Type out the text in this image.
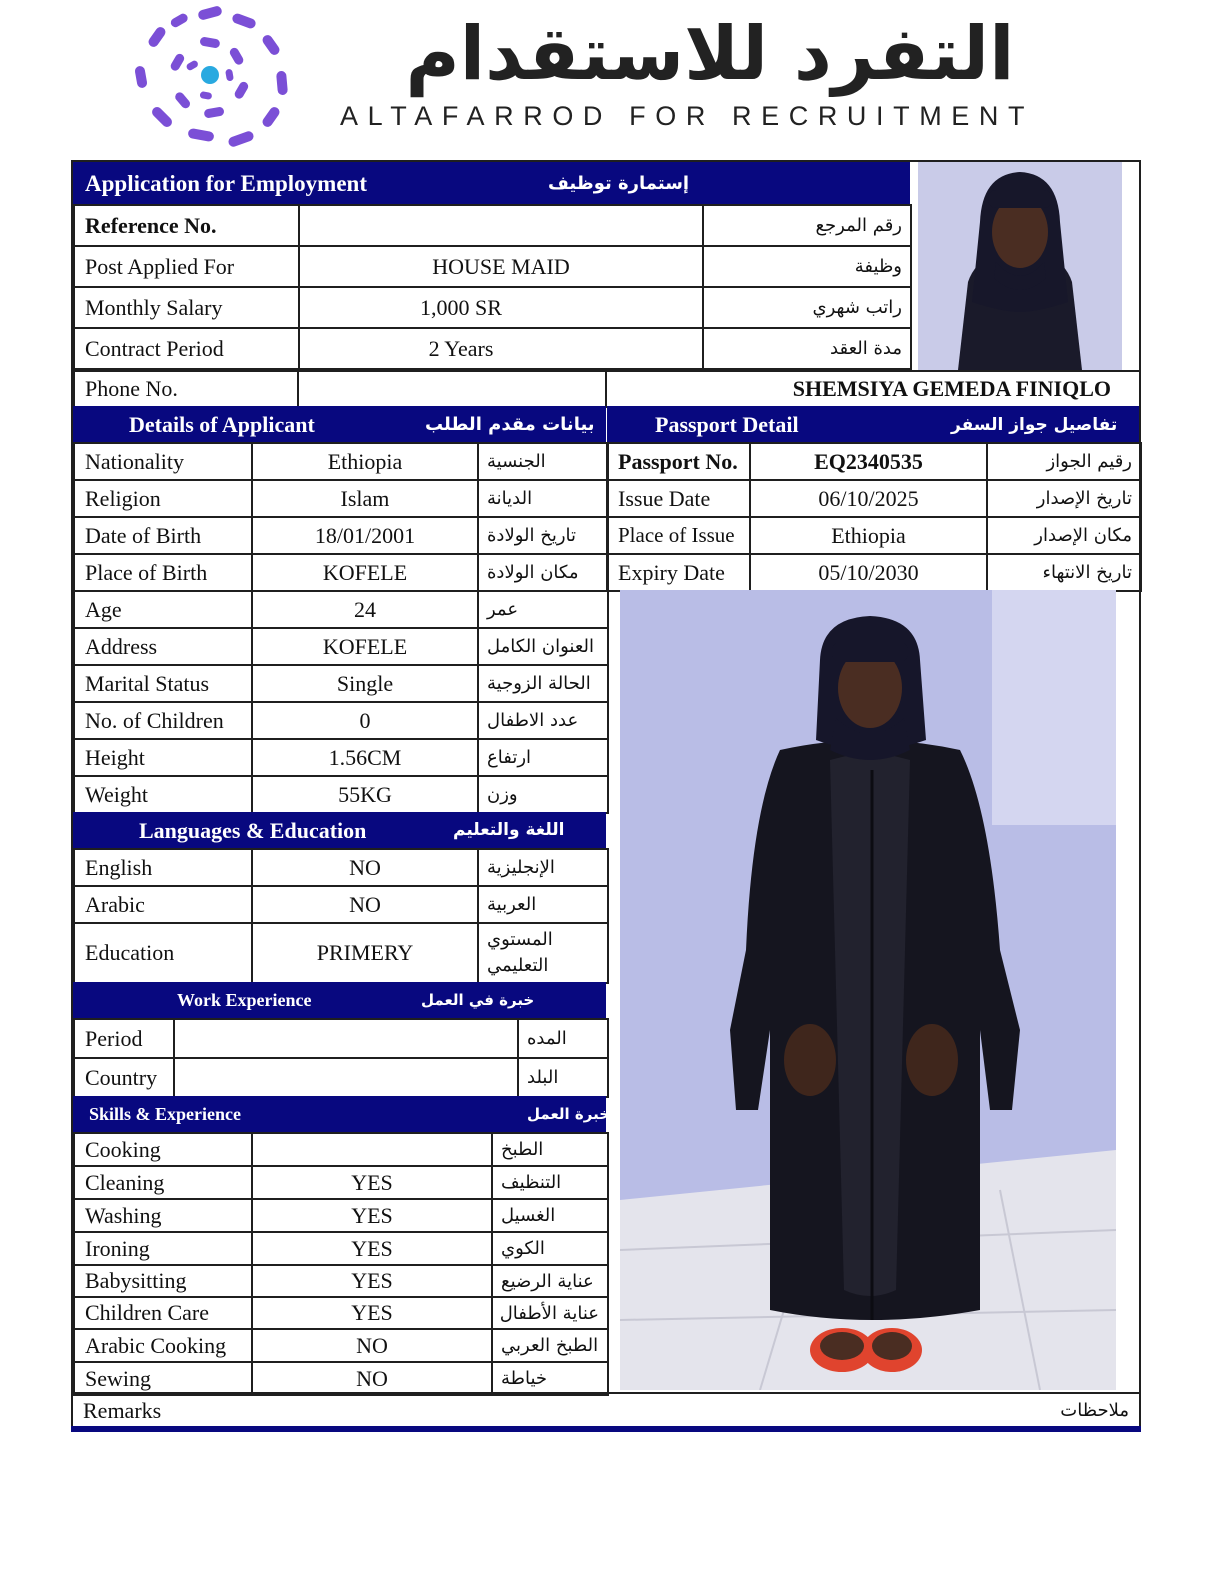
التفرد للاستقدام
ALTAFARROD FOR RECRUITMENT
Application for Employment	إستمارة توظيف
Reference No.		رقم المرجع
Post Applied For	HOUSE MAID	وظيفة
Monthly Salary	1,000 SR	راتب شهري
Contract Period	2 Years	مدة العقد
Phone No.		SHEMSIYA GEMEDA FINIQLO
Details of Applicant	بيانات مقدم الطلب
Nationality	Ethiopia	الجنسية
Religion	Islam	الديانة
Date of Birth	18/01/2001	تاريخ الولادة
Place of Birth	KOFELE	مكان الولادة
Age	24	عمر
Address	KOFELE	العنوان الكامل
Marital Status	Single	الحالة الزوجية
No. of Children	0	عدد الاطفال
Height	1.56CM	ارتفاع
Weight	55KG	وزن
Languages & Education	اللغة والتعليم
English	NO	الإنجليزية
Arabic	NO	العربية
Education	PRIMERY	المستوي التعليمي
Work Experience	خبرة في العمل
Period		المده
Country		البلد
Skills & Experience	خبرة العمل
Cooking		الطبخ
Cleaning	YES	التنظيف
Washing	YES	الغسيل
Ironing	YES	الكوي
Babysitting	YES	عناية الرضيع
Children Care	YES	عناية الأطفال
Arabic Cooking	NO	الطبخ العربي
Sewing	NO	خياطة
Passport Detail	تفاصيل جواز السفر
Passport No.	EQ2340535	رقيم الجواز
Issue Date	06/10/2025	تاريخ الإصدار
Place of Issue	Ethiopia	مكان الإصدار
Expiry Date	05/10/2030	تاريخ الانتهاء
Remarks	ملاحظات
